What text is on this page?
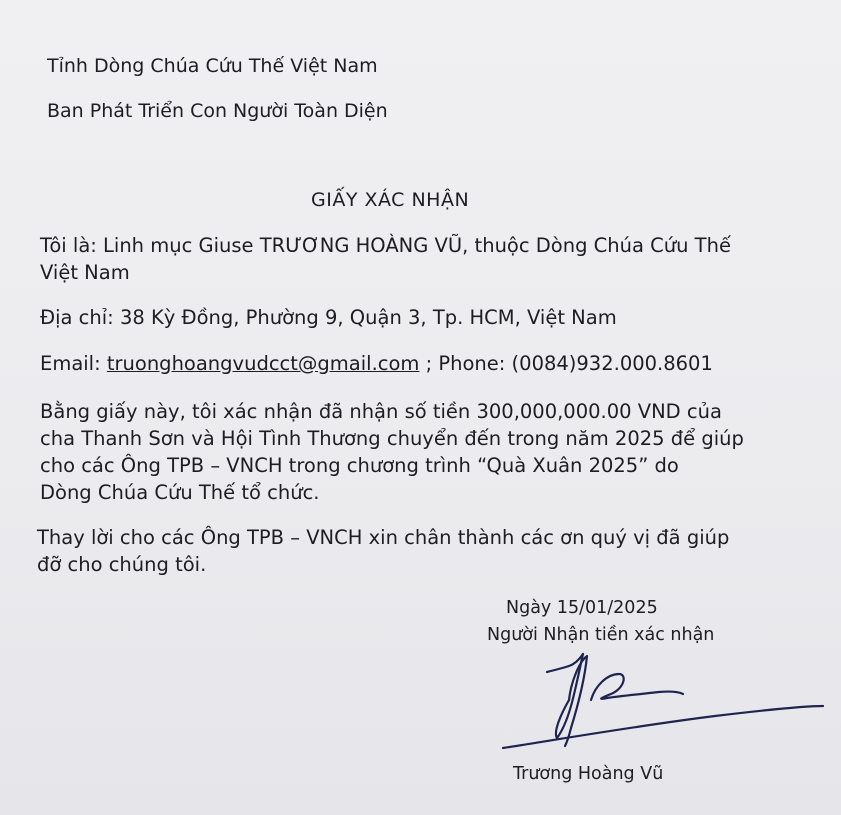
Tỉnh Dòng Chúa Cứu Thế Việt Nam

Ban Phát Triển Con Người Toàn Diện

GIẤY XÁC NHẬN

Tôi là: Linh mục Giuse TRƯƠNG HOÀNG VŨ, thuộc Dòng Chúa Cứu Thế

Việt Nam

Địa chỉ: 38 Kỳ Đồng, Phường 9, Quận 3, Tp. HCM, Việt Nam

Email: truonghoangvudcct@gmail.com ; Phone: (0084)932.000.8601

Bằng giấy này, tôi xác nhận đã nhận số tiền 300,000,000.00 VND của

cha Thanh Sơn và Hội Tình Thương chuyển đến trong năm 2025 để giúp

cho các Ông TPB – VNCH trong chương trình “Quà Xuân 2025” do

Dòng Chúa Cứu Thế tổ chức.

Thay lời cho các Ông TPB – VNCH xin chân thành các ơn quý vị đã giúp

đỡ cho chúng tôi.

Ngày 15/01/2025

Người Nhận tiền xác nhận

Trương Hoàng Vũ
